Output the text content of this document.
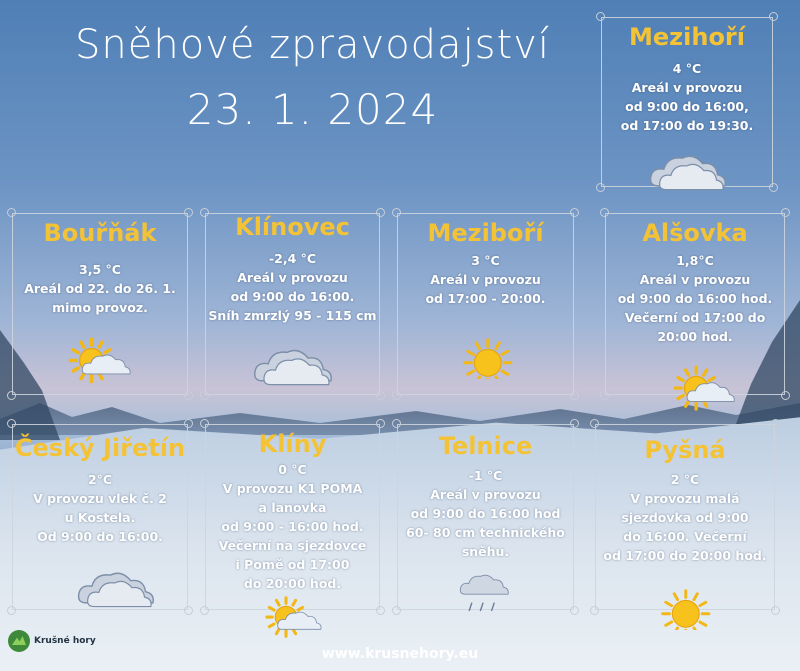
Sněhové zpravodajství
23. 1. 2024
Mezihoří
4 °C
Areál v provozu
od 9:00 do 16:00,
od 17:00 do 19:30.
Bouřňák
3,5 °C
Areál od 22. do 26. 1.
mimo provoz.
Klínovec
-2,4 °C
Areál v provozu
od 9:00 do 16:00.
Sníh zmrzlý 95 - 115 cm
Meziboří
3 °C
Areál v provozu
od 17:00 - 20:00.
Alšovka
1,8°C
Areál v provozu
od 9:00 do 16:00 hod.
Večerní od 17:00 do
20:00 hod.
Český Jiřetín
2°C
V provozu vlek č. 2
u Kostela.
Od 9:00 do 16:00.
Klíny
0 °C
V provozu K1 POMA
a lanovka
od 9:00 - 16:00 hod.
Večerní na sjezdovce
i Pomě od 17:00
do 20:00 hod.
Telnice
-1 °C
Areál v provozu
od 9:00 do 16:00 hod
60- 80 cm technického
sněhu.
Pyšná
2 °C
V provozu malá
sjezdovka od 9:00
do 16:00. Večerní
od 17:00 do 20:00 hod.
Krušné hory
www.krusnehory.eu
